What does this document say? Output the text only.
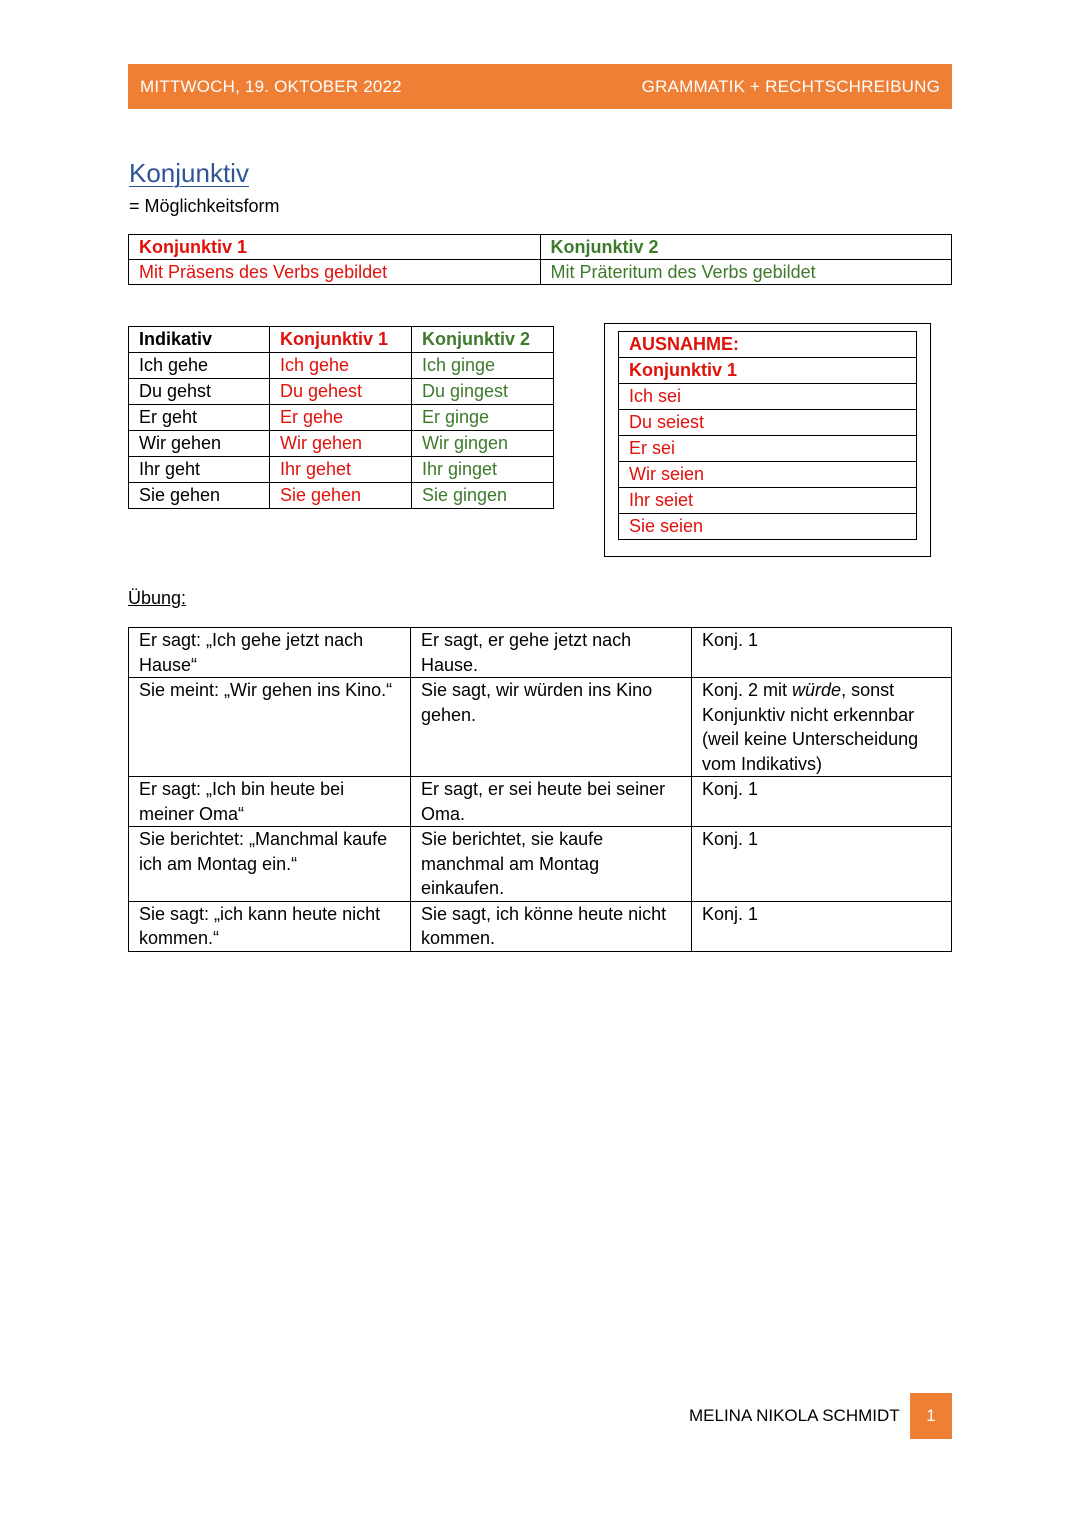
MITTWOCH, 19. OKTOBER 2022	GRAMMATIK + RECHTSCHREIBUNG
Konjunktiv
= Möglichkeitsform
Konjunktiv 1	Konjunktiv 2
Mit Präsens des Verbs gebildet	Mit Präteritum des Verbs gebildet
Indikativ	Konjunktiv 1	Konjunktiv 2
Ich gehe	Ich gehe	Ich ginge
Du gehst	Du gehest	Du gingest
Er geht	Er gehe	Er ginge
Wir gehen	Wir gehen	Wir gingen
Ihr geht	Ihr gehet	Ihr ginget
Sie gehen	Sie gehen	Sie gingen
AUSNAHME:
Konjunktiv 1
Ich sei
Du seiest
Er sei
Wir seien
Ihr seiet
Sie seien
Übung:
Er sagt: „Ich gehe jetzt nach Hause“	Er sagt, er gehe jetzt nach Hause.	Konj. 1
Sie meint: „Wir gehen ins Kino.“	Sie sagt, wir würden ins Kino gehen.	Konj. 2 mit würde, sonst Konjunktiv nicht erkennbar (weil keine Unterscheidung vom Indikativs)
Er sagt: „Ich bin heute bei meiner Oma“	Er sagt, er sei heute bei seiner Oma.	Konj. 1
Sie berichtet: „Manchmal kaufe ich am Montag ein.“	Sie berichtet, sie kaufe manchmal am Montag einkaufen.	Konj. 1
Sie sagt: „ich kann heute nicht kommen.“	Sie sagt, ich könne heute nicht kommen.	Konj. 1
MELINA NIKOLA SCHMIDT	1
